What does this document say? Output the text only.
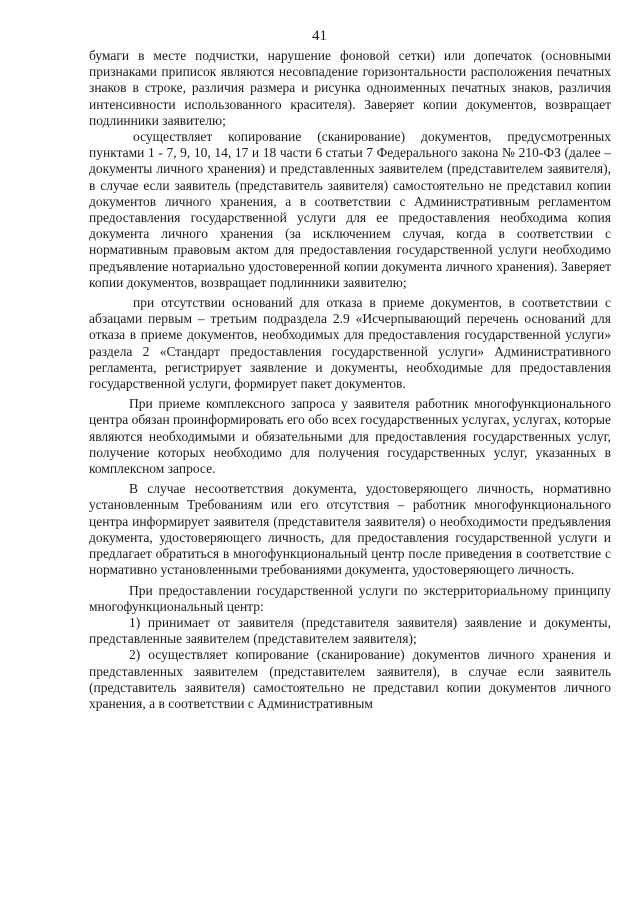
41

бумаги в месте подчистки, нарушение фоновой сетки) или допечаток (основными признаками приписок являются несовпадение горизонтальности расположения печатных знаков в строке, различия размера и рисунка одноименных печатных знаков, различия интенсивности использованного красителя). Заверяет копии документов, возвращает подлинники заявителю;

осуществляет копирование (сканирование) документов, предусмотренных пунктами 1 - 7, 9, 10, 14, 17 и 18 части 6 статьи 7 Федерального закона № 210-ФЗ (далее – документы личного хранения) и представленных заявителем (представителем заявителя), в случае если заявитель (представитель заявителя) самостоятельно не представил копии документов личного хранения, а в соответствии с Административным регламентом предоставления государственной услуги для ее предоставления необходима копия документа личного хранения (за исключением случая, когда в соответствии с нормативным правовым актом для предоставления государственной услуги необходимо предъявление нотариально удостоверенной копии документа личного хранения). Заверяет копии документов, возвращает подлинники заявителю;

при отсутствии оснований для отказа в приеме документов, в соответствии с абзацами первым – третьим подраздела 2.9 «Исчерпывающий перечень оснований для отказа в приеме документов, необходимых для предоставления государственной услуги» раздела 2 «Стандарт предоставления государственной услуги» Административного регламента, регистрирует заявление и документы, необходимые для предоставления государственной услуги, формирует пакет документов.

При приеме комплексного запроса у заявителя работник многофункционального центра обязан проинформировать его обо всех государственных услугах, услугах, которые являются необходимыми и обязательными для предоставления государственных услуг, получение которых необходимо для получения государственных услуг, указанных в комплексном запросе.

В случае несоответствия документа, удостоверяющего личность, нормативно установленным Требованиям или его отсутствия – работник многофункционального центра информирует заявителя (представителя заявителя) о необходимости предъявления документа, удостоверяющего личность, для предоставления государственной услуги и предлагает обратиться в многофункциональный центр после приведения в соответствие с нормативно установленными требованиями документа, удостоверяющего личность.

При предоставлении государственной услуги по экстерриториальному принципу многофункциональный центр:

1) принимает от заявителя (представителя заявителя) заявление и документы, представленные заявителем (представителем заявителя);

2) осуществляет копирование (сканирование) документов личного хранения и представленных заявителем (представителем заявителя), в случае если заявитель (представитель заявителя) самостоятельно не представил копии документов личного хранения, а в соответствии с Административным
